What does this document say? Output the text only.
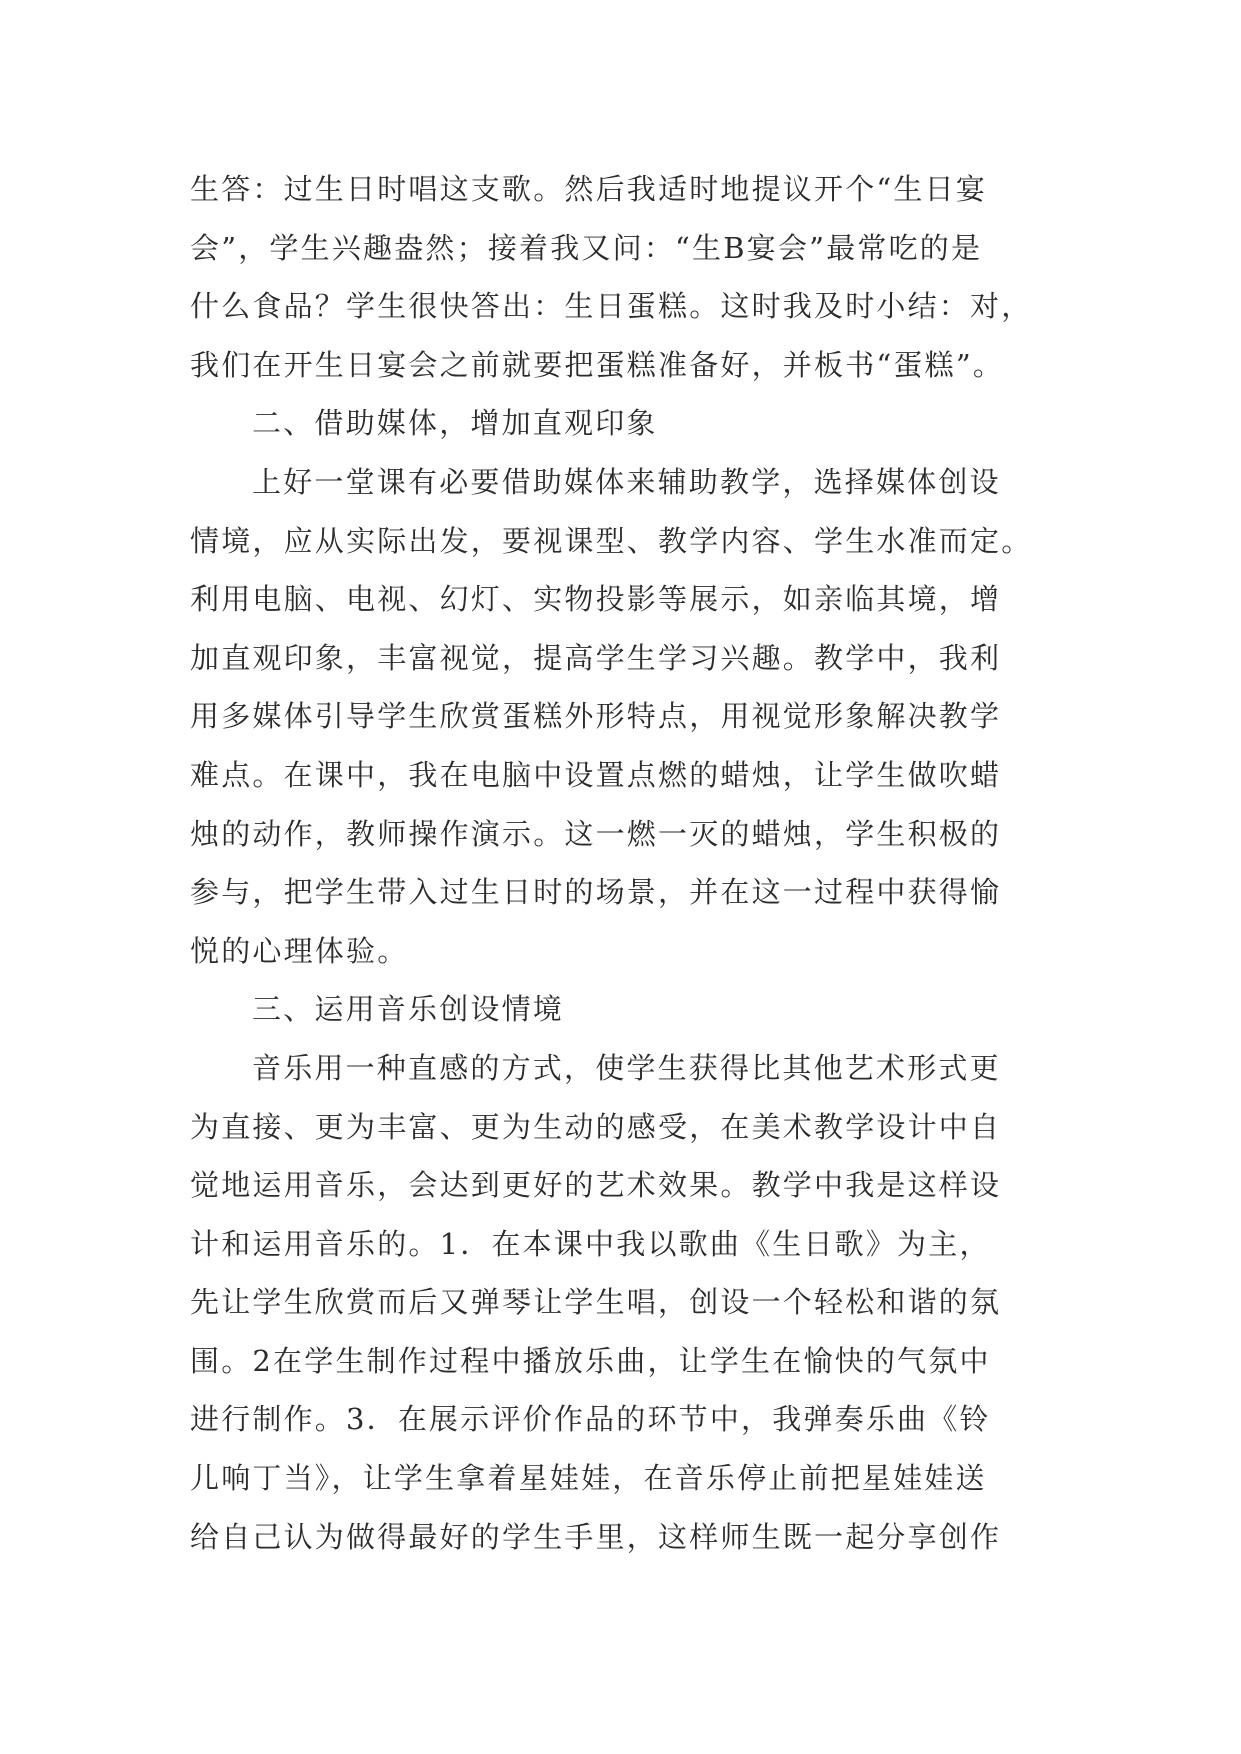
生答：过生日时唱这支歌。然后我适时地提议开个“生日宴
会”，学生兴趣盎然；接着我又问：“生B宴会”最常吃的是
什么食品？学生很快答出：生日蛋糕。这时我及时小结：对，
我们在开生日宴会之前就要把蛋糕准备好，并板书“蛋糕”。
二、借助媒体，增加直观印象
上好一堂课有必要借助媒体来辅助教学，选择媒体创设
情境，应从实际出发，要视课型、教学内容、学生水准而定。
利用电脑、电视、幻灯、实物投影等展示，如亲临其境，增
加直观印象，丰富视觉，提高学生学习兴趣。教学中，我利
用多媒体引导学生欣赏蛋糕外形特点，用视觉形象解决教学
难点。在课中，我在电脑中设置点燃的蜡烛，让学生做吹蜡
烛的动作，教师操作演示。这一燃一灭的蜡烛，学生积极的
参与，把学生带入过生日时的场景，并在这一过程中获得愉
悦的心理体验。
三、运用音乐创设情境
音乐用一种直感的方式，使学生获得比其他艺术形式更
为直接、更为丰富、更为生动的感受，在美术教学设计中自
觉地运用音乐，会达到更好的艺术效果。教学中我是这样设
计和运用音乐的。1．在本课中我以歌曲《生日歌》为主，
先让学生欣赏而后又弹琴让学生唱，创设一个轻松和谐的氛
围。2在学生制作过程中播放乐曲，让学生在愉快的气氛中
进行制作。3．在展示评价作品的环节中，我弹奏乐曲《铃
儿响丁当》，让学生拿着星娃娃，在音乐停止前把星娃娃送
给自己认为做得最好的学生手里，这样师生既一起分享创作
